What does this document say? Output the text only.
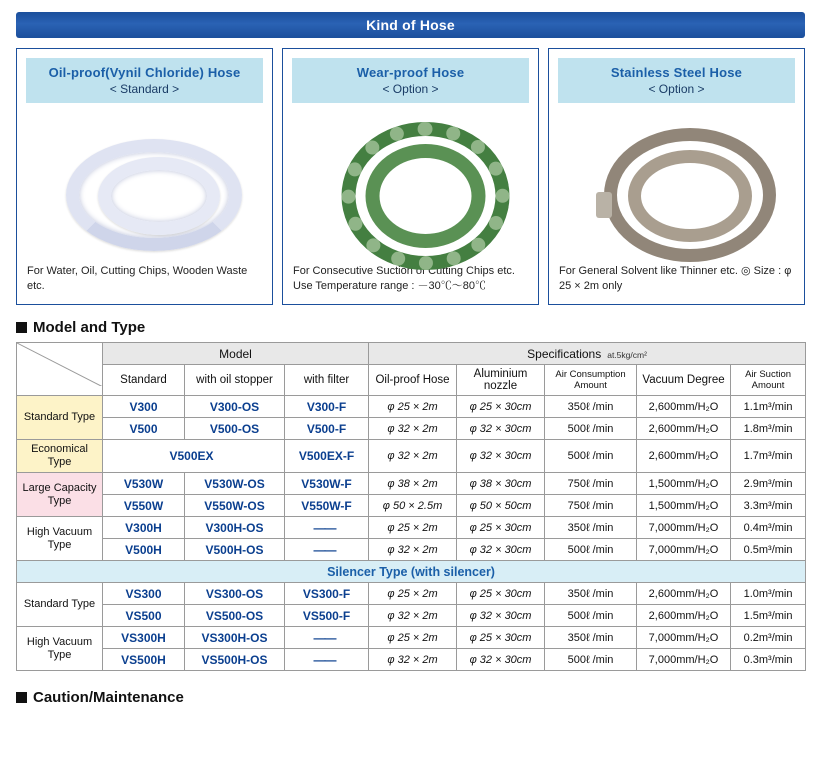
Kind of Hose
Oil-proof(Vynil Chloride) Hose
< Standard >
For Water, Oil, Cutting Chips, Wooden Waste etc.
Wear-proof Hose
< Option >
For Consecutive Suction of Cutting Chips etc. Use Temperature range : －30℃～80℃
Stainless Steel Hose
< Option >
For General Solvent like Thinner etc. ◎ Size : φ 25 × 2m only
Model and Type
	Model			Specifications at.5kg/cm²				
	Standard	with oil stopper	with filter	Oil-proof Hose	Aluminium nozzle	Air Consumption Amount	Vacuum Degree	Air Suction Amount
Standard Type	V300	V300-OS	V300-F	φ 25 × 2m	φ 25 × 30cm	350ℓ /min	2,600mm/H₂O	1.1m³/min
	V500	V500-OS	V500-F	φ 32 × 2m	φ 32 × 30cm	500ℓ /min	2,600mm/H₂O	1.8m³/min
Economical Type	V500EX		V500EX-F	φ 32 × 2m	φ 32 × 30cm	500ℓ /min	2,600mm/H₂O	1.7m³/min
Large Capacity Type	V530W	V530W-OS	V530W-F	φ 38 × 2m	φ 38 × 30cm	750ℓ /min	1,500mm/H₂O	2.9m³/min
	V550W	V550W-OS	V550W-F	φ 50 × 2.5m	φ 50 × 50cm	750ℓ /min	1,500mm/H₂O	3.3m³/min
High Vacuum Type	V300H	V300H-OS	——	φ 25 × 2m	φ 25 × 30cm	350ℓ /min	7,000mm/H₂O	0.4m³/min
	V500H	V500H-OS	——	φ 32 × 2m	φ 32 × 30cm	500ℓ /min	7,000mm/H₂O	0.5m³/min
Silencer Type (with silencer)								
Standard Type	VS300	VS300-OS	VS300-F	φ 25 × 2m	φ 25 × 30cm	350ℓ /min	2,600mm/H₂O	1.0m³/min
	VS500	VS500-OS	VS500-F	φ 32 × 2m	φ 32 × 30cm	500ℓ /min	2,600mm/H₂O	1.5m³/min
High Vacuum Type	VS300H	VS300H-OS	——	φ 25 × 2m	φ 25 × 30cm	350ℓ /min	7,000mm/H₂O	0.2m³/min
	VS500H	VS500H-OS	——	φ 32 × 2m	φ 32 × 30cm	500ℓ /min	7,000mm/H₂O	0.3m³/min
Caution/Maintenance
